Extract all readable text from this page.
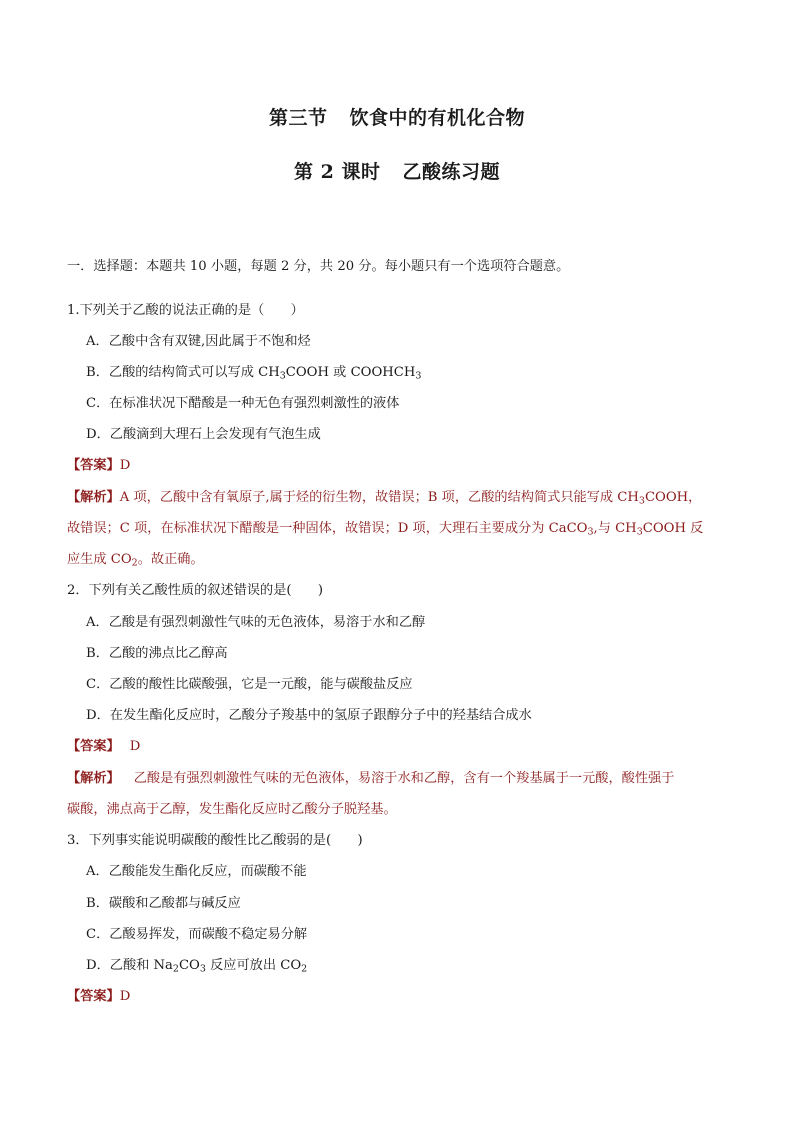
第三节 饮食中的有机化合物
第 2 课时 乙酸练习题
一．选择题：本题共 10 小题，每题 2 分，共 20 分。每小题只有一个选项符合题意。
1.下列关于乙酸的说法正确的是（　　）
A．乙酸中含有双键,因此属于不饱和烃
B．乙酸的结构简式可以写成 $CH_3COOH$ 或 $COOHCH_3$
C．在标准状况下醋酸是一种无色有强烈刺激性的液体
D．乙酸滴到大理石上会发现有气泡生成
【答案】D
【解析】A 项，乙酸中含有氧原子,属于烃的衍生物，故错误；B 项，乙酸的结构简式只能写成 $CH_3COOH$，
故错误；C 项，在标准状况下醋酸是一种固体，故错误；D 项，大理石主要成分为 CaCO$_3$,与 $CH_3COOH$ 反
应生成 $CO_2$。故正确。
2．下列有关乙酸性质的叙述错误的是(　　)
A．乙酸是有强烈刺激性气味的无色液体，易溶于水和乙醇
B．乙酸的沸点比乙醇高
C．乙酸的酸性比碳酸强，它是一元酸，能与碳酸盐反应
D．在发生酯化反应时，乙酸分子羧基中的氢原子跟醇分子中的羟基结合成水
【答案】 D
【解析】 乙酸是有强烈刺激性气味的无色液体，易溶于水和乙醇，含有一个羧基属于一元酸，酸性强于
碳酸，沸点高于乙醇，发生酯化反应时乙酸分子脱羟基。
3．下列事实能说明碳酸的酸性比乙酸弱的是(　　)
A．乙酸能发生酯化反应，而碳酸不能
B．碳酸和乙酸都与碱反应
C．乙酸易挥发，而碳酸不稳定易分解
D．乙酸和 $Na_2CO_3$ 反应可放出 $CO_2$
【答案】D
